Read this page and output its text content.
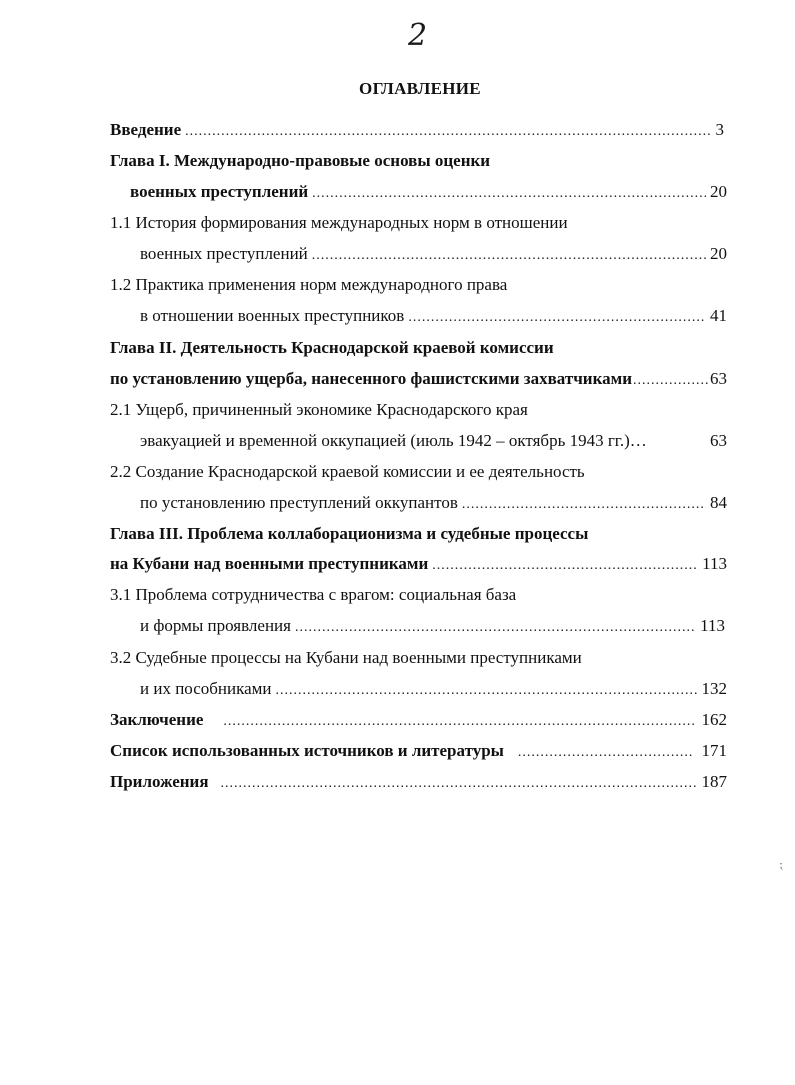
2
ОГЛАВЛЕНИЕ
Введение .....	3
Глава I. Международно-правовые основы оценки
военных преступлений .....	20
1.1 История формирования международных норм в отношении
военных преступлений .....	20
1.2 Практика применения норм международного права
в отношении военных преступников .....	41
Глава II. Деятельность Краснодарской краевой комиссии
по установлению ущерба, нанесенного фашистскими захватчиками .....	63
2.1 Ущерб, причиненный экономике Краснодарского края
эвакуацией и временной оккупацией (июль 1942 – октябрь 1943 гг.)…	63
2.2 Создание Краснодарской краевой комиссии и ее деятельность
по установлению преступлений оккупантов .....	84
Глава III. Проблема коллаборационизма и судебные процессы
на Кубани над военными преступниками .....	113
3.1 Проблема сотрудничества с врагом: социальная база
и формы проявления .....	113
3.2 Судебные процессы на Кубани над военными преступниками
и их пособниками .....	132
Заключение .....	162
Список использованных источников и литературы .....	171
Приложения .....	187
⁏
